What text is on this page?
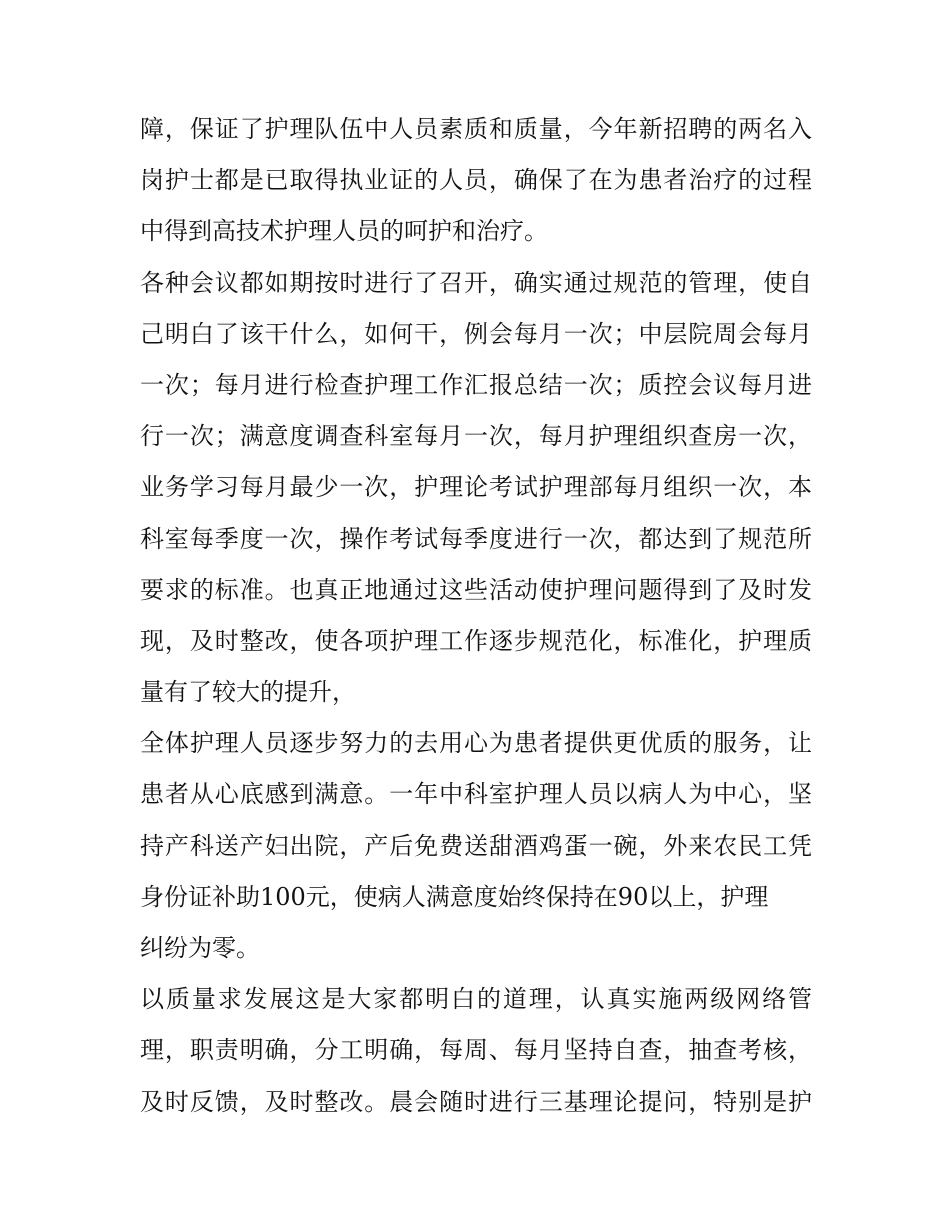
障，保证了护理队伍中人员素质和质量，今年新招聘的两名入
岗护士都是已取得执业证的人员，确保了在为患者治疗的过程
中得到高技术护理人员的呵护和治疗。
各种会议都如期按时进行了召开，确实通过规范的管理，使自
己明白了该干什么，如何干，例会每月一次；中层院周会每月
一次；每月进行检查护理工作汇报总结一次；质控会议每月进
行一次；满意度调查科室每月一次，每月护理组织查房一次，
业务学习每月最少一次，护理论考试护理部每月组织一次，本
科室每季度一次，操作考试每季度进行一次，都达到了规范所
要求的标准。也真正地通过这些活动使护理问题得到了及时发
现，及时整改，使各项护理工作逐步规范化，标准化，护理质
量有了较大的提升，
全体护理人员逐步努力的去用心为患者提供更优质的服务，让
患者从心底感到满意。一年中科室护理人员以病人为中心，坚
持产科送产妇出院，产后免费送甜酒鸡蛋一碗，外来农民工凭
身份证补助100元，使病人满意度始终保持在90以上，护理
纠纷为零。
以质量求发展这是大家都明白的道理，认真实施两级网络管
理，职责明确，分工明确，每周、每月坚持自查，抽查考核，
及时反馈，及时整改。晨会随时进行三基理论提问，特别是护
